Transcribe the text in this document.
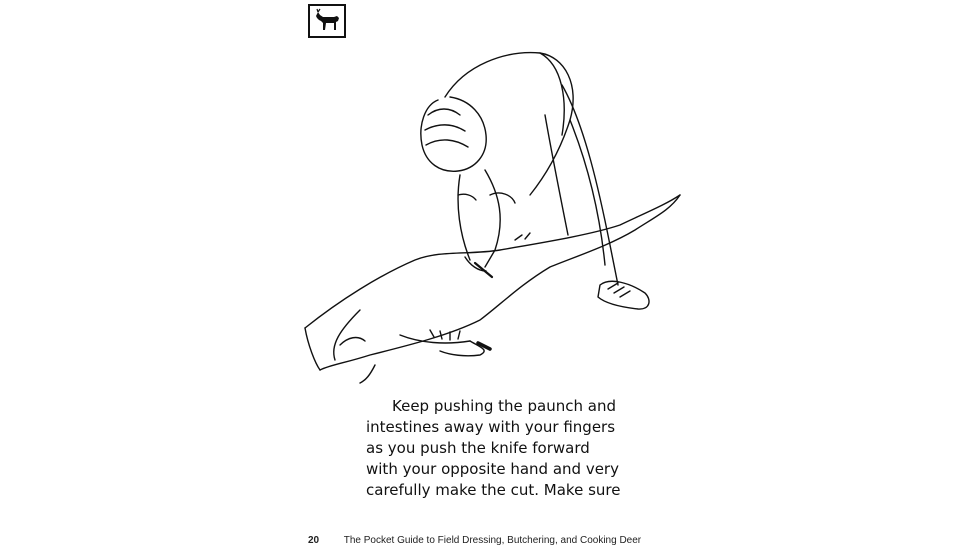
Keep pushing the paunch and
intestines away with your fingers
as you push the knife forward
with your opposite hand and very
carefully make the cut. Make sure
20 The Pocket Guide to Field Dressing, Butchering, and Cooking Deer
